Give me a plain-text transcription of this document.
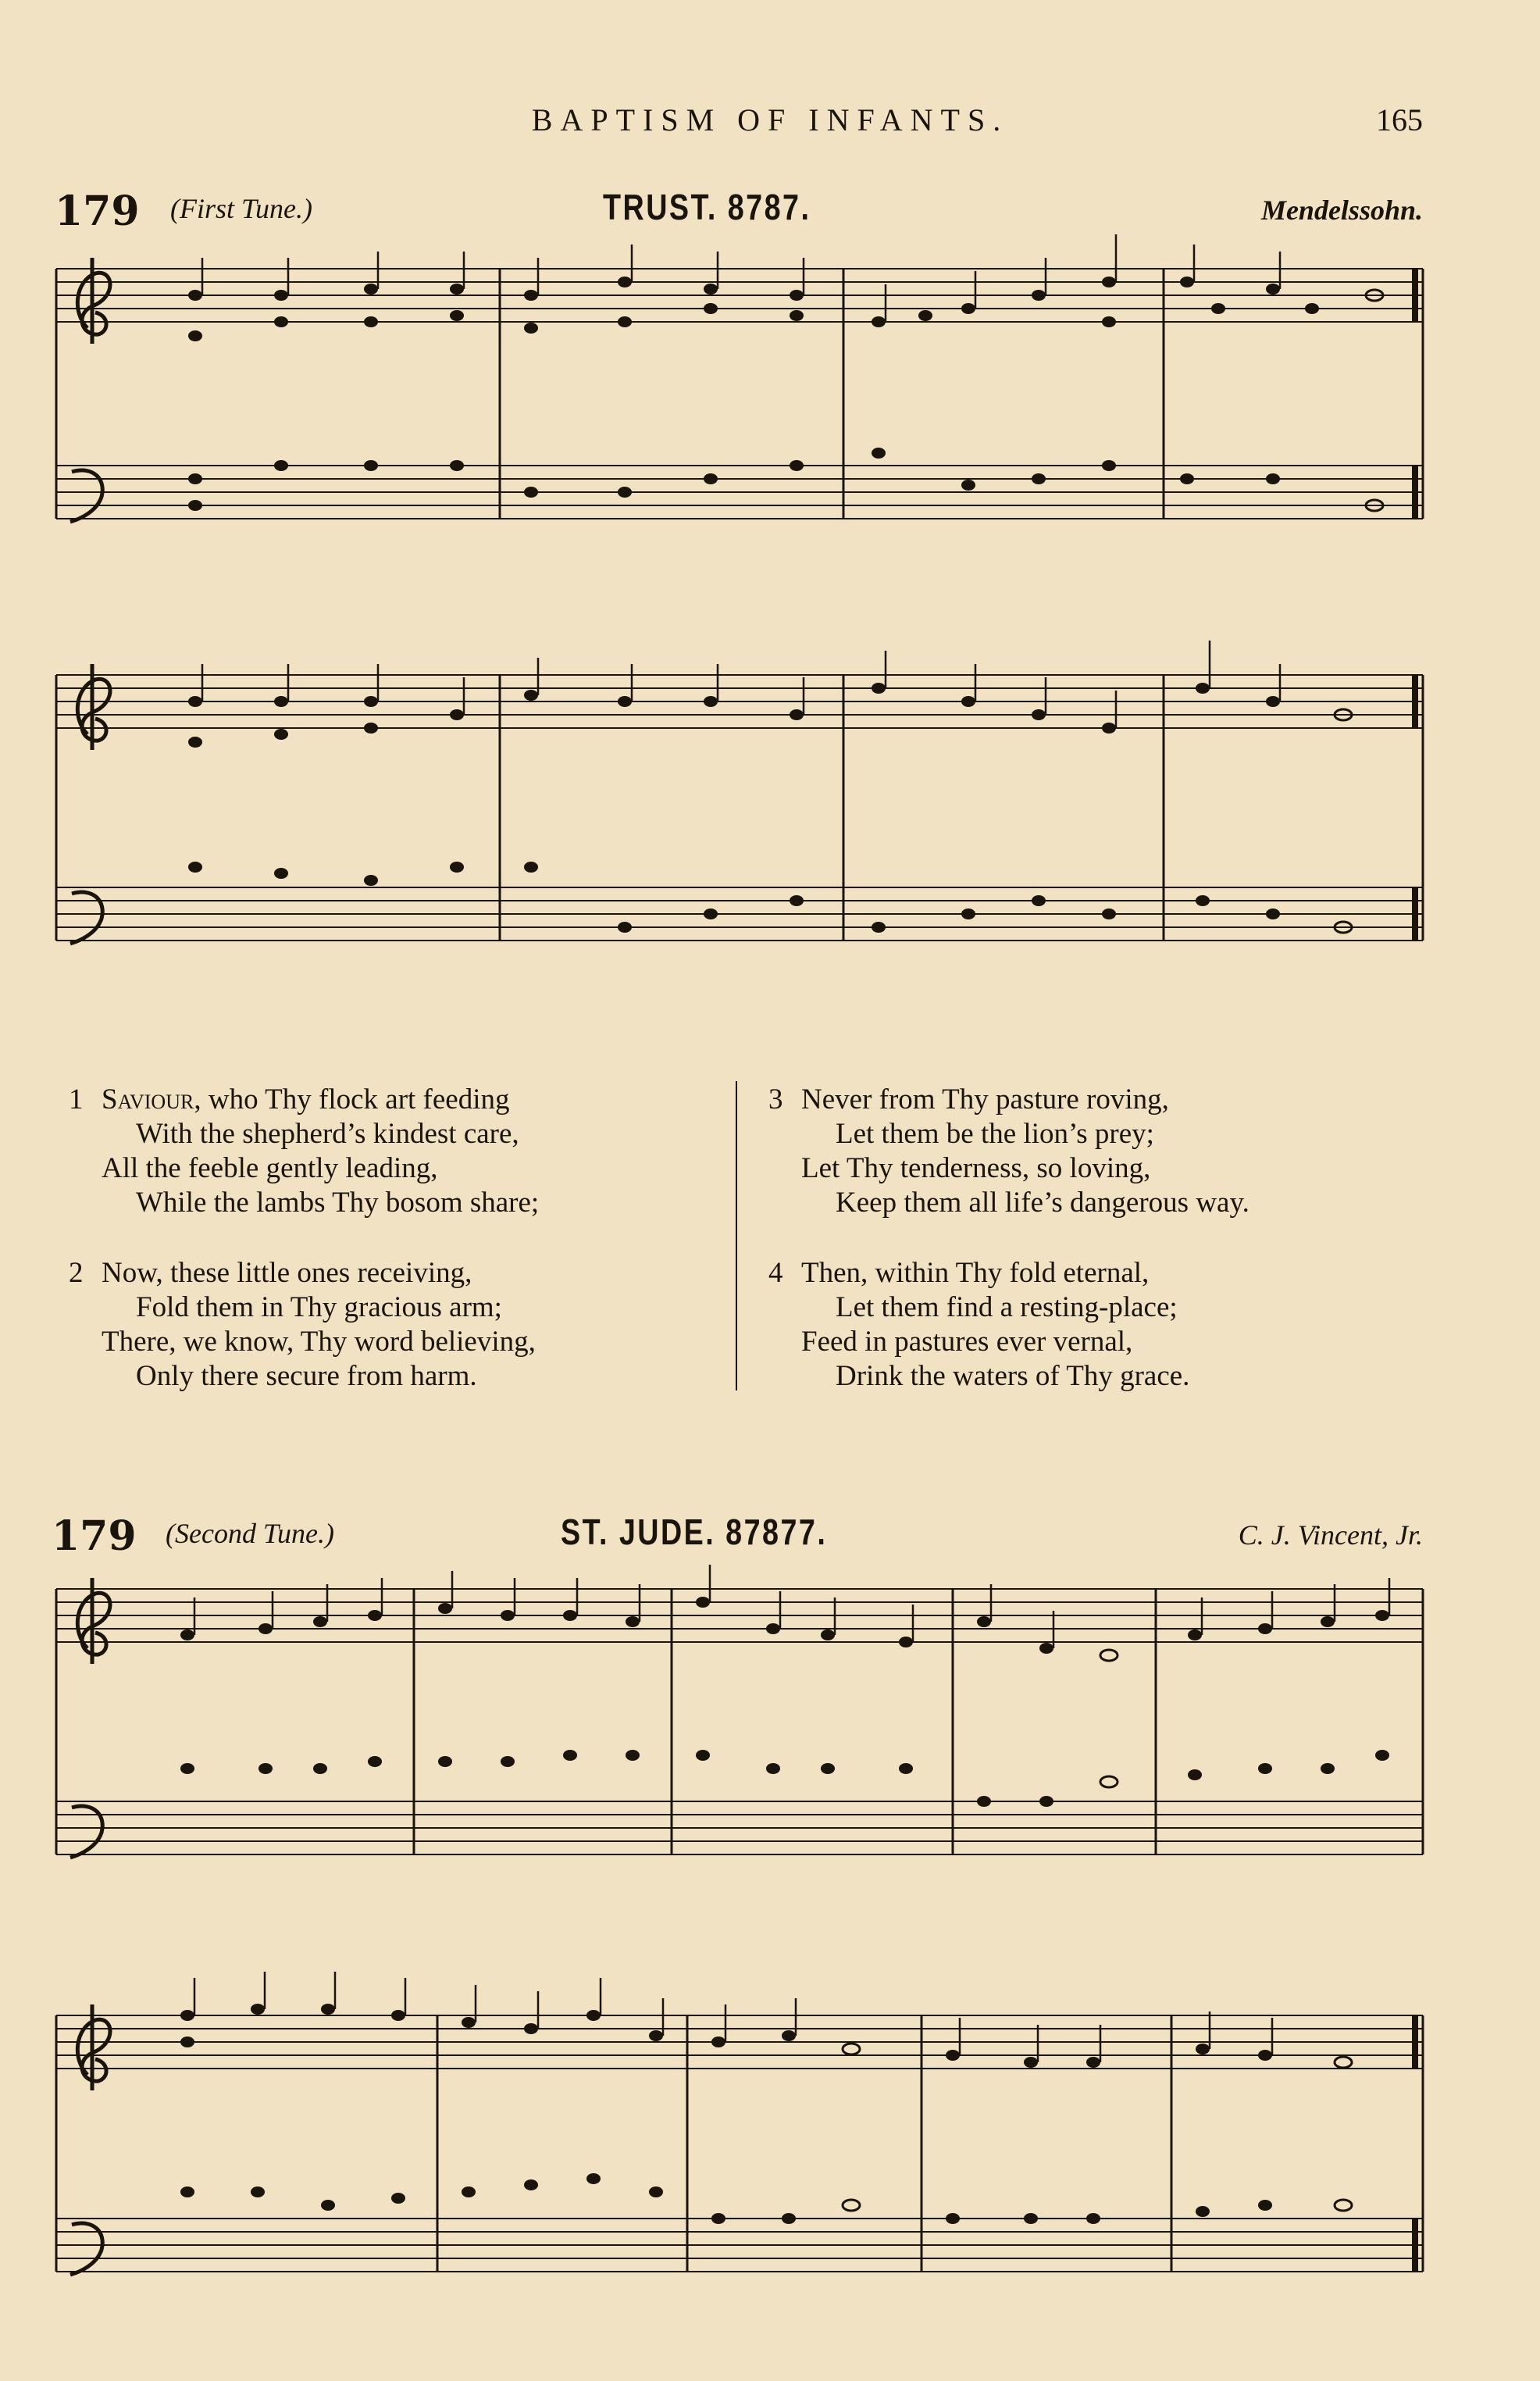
BAPTISM OF INFANTS.	165
179 (First Tune.)	TRUST. 8787.	Mendelssohn.
1 Saviour, who Thy flock art feeding
With the shepherd’s kindest care,
All the feeble gently leading,
While the lambs Thy bosom share;
2 Now, these little ones receiving,
Fold them in Thy gracious arm;
There, we know, Thy word believing,
Only there secure from harm.
3 Never from Thy pasture roving,
Let them be the lion’s prey;
Let Thy tenderness, so loving,
Keep them all life’s dangerous way.
4 Then, within Thy fold eternal,
Let them find a resting-place;
Feed in pastures ever vernal,
Drink the waters of Thy grace.
179 (Second Tune.)	ST. JUDE. 87877.	C. J. Vincent, Jr.
